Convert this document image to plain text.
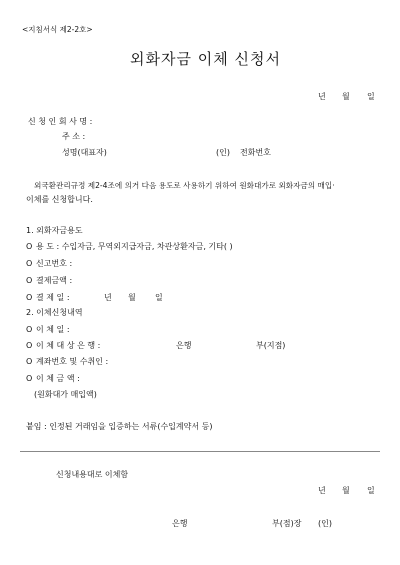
<지침서식 제2-2호>
외화자금 이체 신청서
년 월 일
신 청 인 회 사 명 :
주 소 :
성명(대표자)	(인) 전화번호
외국환관리규정 제2-4조에 의거 다음 용도로 사용하기 위하여 원화대가로 외화자금의 매입·
이체를 신청합니다.
1. 외화자금용도
O 용 도 : 수입자금, 무역외지급자금, 차관상환자금, 기타( )
O 신고번호 :
O 결제금액 :
O 결 제 일 :	년 월 일
2. 이체신청내역
O 이 체 일 :
O 이 체 대 상 은 행 :	은행	부(지점)
O 계좌번호 및 수취인 :
O 이 체 금 액 :
(원화대가 매입액)
붙임 : 인정된 거래임을 입증하는 서류(수입계약서 등)
신청내용대로 이체함
년 월 일
은행	부(점)장 (인)
